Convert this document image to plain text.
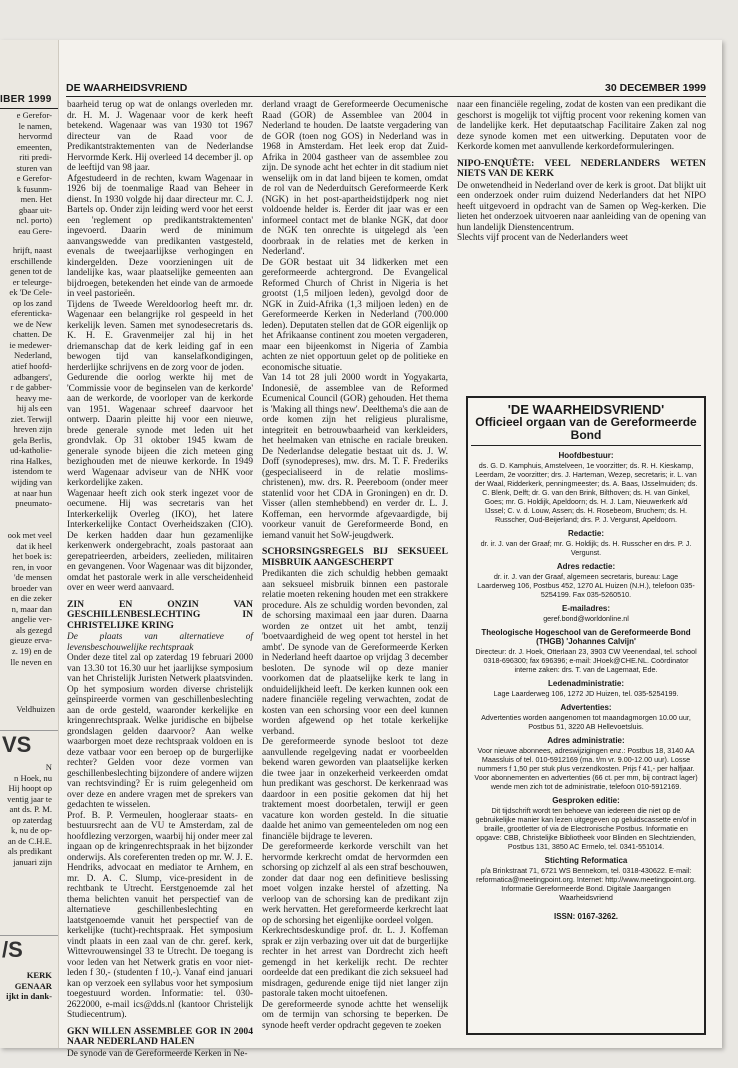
IBER 1999
e Gerefor-
le namen,
hervormd
emeenten,
riti predi-
sturen van
e Gerefor-
k fusunm-
men. Het
gbaar uit-
ncl. porto)
eau Gere-
hrijft, naast
erschillende
genen tot de
er teleurge-
ek 'De Cele-
op los zand
eferenticka-
we de New
chatten. De
ie medewer-
Nederland,
atief hoofd-
adbangers',
r de gabber-
heavy me-
hij als een
ziet. Terwijl
hreven zijn
gela Berlis,
ud-katholie-
rina Halkes,
istendom te
wijding van
at naar hun
pneumato-
ook met veel
dat ik heel
het boek is:
ren, in voor
'de mensen
broeder van
en die zeker
n, maar dan
angelie ver-
als gezegd
gieuze erva-
z. 19) en de
lle neven en
Veldhuizen
VS
N
n Hoek, nu
Hij hoopt op
ventig jaar te
ant ds. P. M.
op zaterdag
k, nu de op-
an de C.H.E.
als predikant
januari zijn
/S
KERK
GENAAR
ijkt in dank-
DE WAARHEIDSVRIEND	30 DECEMBER 1999

baarheid terug op wat de onlangs overleden mr. dr. H. M. J. Wagenaar voor de kerk heeft betekend. Wagenaar was van 1930 tot 1967 directeur van de Raad voor de Predikantstraktementen van de Nederlandse Hervormde Kerk. Hij overleed 14 december jl. op de leeftijd van 98 jaar.

Afgestudeerd in de rechten, kwam Wagenaar in 1926 bij de toenmalige Raad van Beheer in dienst. In 1930 volgde hij daar directeur mr. C. J. Bartels op. Onder zijn leiding werd voor het eerst een 'reglement op predikantstraktementen' ingevoerd. Daarin werd de minimum aanvangswedde van predikanten vastgesteld, evenals de tweejaarlijkse verhogingen en kindergelden. Deze voorzieningen uit de landelijke kas, waar plaatselijke gemeenten aan bijdroegen, betekenden het einde van de armoede in veel pastorieën.

Tijdens de Tweede Wereldoorlog heeft mr. dr. Wagenaar een belangrijke rol gespeeld in het kerkelijk leven. Samen met synodesecretaris ds. K. H. E. Gravenmeijer zal hij in het driemanschap dat de kerk leiding gaf in een bewogen tijd van kanselafkondigingen, herderlijke schrijvens en de zorg voor de joden.

Gedurende die oorlog werkte hij met de 'Commissie voor de beginselen van de kerkorde' aan de werkorde, de voorloper van de kerkorde van 1951. Wagenaar schreef daarvoor het ontwerp. Daarin pleitte hij voor een nieuwe, brede generale synode met leden uit het grondvlak. Op 31 oktober 1945 kwam de generale synode bijeen die zich meteen ging bezighouden met de nieuwe kerkorde. In 1949 werd Wagenaar adviseur van de NHK voor kerkordelijke zaken.

Wagenaar heeft zich ook sterk ingezet voor de oecumene. Hij was secretaris van het Interkerkelijk Overleg (IKO), het latere Interkerkelijke Contact Overheidszaken (CIO). De kerken hadden daar hun gezamenlijke kerkenwerk ondergebracht, zoals pastoraat aan gerepatrieerden, arbeiders, zeelieden, militairen en gevangenen. Voor Wagenaar was dit bijzonder, omdat het pastorale werk in alle verscheidenheid over en weer werd aanvaard.

ZIN EN ONZIN VAN GESCHILLENBESLECHTING IN CHRISTELIJKE KRING

De plaats van alternatieve of levensbeschouwelijke rechtspraak

Onder deze titel zal op zaterdag 19 februari 2000 van 13.30 tot 16.30 uur het jaarlijkse symposium van het Christelijk Juristen Netwerk plaatsvinden. Op het symposium worden diverse christelijk geïnspireerde vormen van geschillenbeslechting aan de orde gesteld, waaronder kerkelijke en kringenrechtspraak. Welke juridische en bijbelse grondslagen gelden daarvoor? Aan welke waarborgen moet deze rechtspraak voldoen en is deze vatbaar voor een beroep op de burgerlijke rechter? Gelden voor deze vormen van geschillenbeslechting bijzondere of andere wijzen van rechtsvinding? Er is ruim gelegenheid om over deze en andere vragen met de sprekers van gedachten te wisselen.

Prof. B. P. Vermeulen, hoogleraar staats- en bestuursrecht aan de VU te Amsterdam, zal de hoofdlezing verzorgen, waarbij hij onder meer zal ingaan op de kringenrechtspraak in het bijzonder onderwijs. Als coreferenten treden op mr. W. J. E. Hendriks, advocaat en mediator te Arnhem, en mr. D. A. C. Slump, vice-president in de rechtbank te Utrecht. Eerstgenoemde zal het thema belichten vanuit het perspectief van de alternatieve geschillenbeslechting en laatstgenoemde vanuit het perspectief van de kerkelijke (tucht)-rechtspraak. Het symposium vindt plaats in een zaal van de chr. geref. kerk, Wittevrouwensingel 33 te Utrecht. De toegang is voor leden van het Netwerk gratis en voor niet-leden f 30,- (studenten f 10,-). Vanaf eind januari kan op verzoek een syllabus voor het symposium toegestuurd worden. Informatie: tel. 030-2622000, e-mail ics@dds.nl (kantoor Christelijk Studiecentrum).

GKN WILLEN ASSEMBLEE GOR IN 2004 NAAR NEDERLAND HALEN

De synode van de Gereformeerde Kerken in Ne-

derland vraagt de Gereformeerde Oecumenische Raad (GOR) de Assemblee van 2004 in Nederland te houden. De laatste vergadering van de GOR (toen nog GOS) in Nederland was in 1968 in Amsterdam. Het leek erop dat Zuid-Afrika in 2004 gastheer van de assemblee zou zijn. De synode acht het echter in dit stadium niet wenselijk om in dat land bijeen te komen, omdat de rol van de Nederduitsch Gereformeerde Kerk (NGK) in het post-apartheidstijdperk nog niet voldoende helder is. Eerder dit jaar was er een informeel contact met de blanke NGK, dat door de NGK ten onrechte is uitgelegd als 'een doorbraak in de relaties met de kerken in Nederland'.

De GOR bestaat uit 34 lidkerken met een gereformeerde achtergrond. De Evangelical Reformed Church of Christ in Nigeria is het grootst (1,5 miljoen leden), gevolgd door de NGK in Zuid-Afrika (1,3 miljoen leden) en de Gereformeerde Kerken in Nederland (700.000 leden). Deputaten stellen dat de GOR eigenlijk op het Afrikaanse continent zou moeten vergaderen, maar een bijeenkomst in Nigeria of Zambia achten ze niet opportuun gelet op de politieke en economische situatie.

Van 14 tot 28 juli 2000 wordt in Yogyakarta, Indonesië, de assemblee van de Reformed Ecumenical Council (GOR) gehouden. Het thema is 'Making all things new'. Deelthema's die aan de orde komen zijn het religieus pluralisme, integriteit en betrouwbaarheid van kerkleiders, het heelmaken van etnische en raciale breuken. De Nederlandse delegatie bestaat uit ds. J. W. Doff (synodepreses), mw. drs. M. T. F. Frederiks (gespecialiseerd in de relatie moslims-christenen), mw. drs. R. Peereboom (onder meer statenlid voor het CDA in Groningen) en dr. D. Visser (allen stemhebbend) en verder dr. L. J. Koffeman, een hervormde afgevaardigde, bij voorkeur vanuit de Gereformeerde Bond, en iemand vanuit het SoW-jeugdwerk.

SCHORSINGSREGELS BIJ SEKSUEEL MISBRUIK AANGESCHERPT

Predikanten die zich schuldig hebben gemaakt aan seksueel misbruik binnen een pastorale relatie moeten rekening houden met een strakkere procedure. Als ze schuldig worden bevonden, zal de schorsing maximaal een jaar duren. Daarna worden ze ontzet uit het ambt, tenzij 'boetvaardigheid de weg opent tot herstel in het ambt'. De synode van de Gereformeerde Kerken in Nederland heeft daartoe op vrijdag 3 december besloten. De synode wil op deze manier voorkomen dat de plaatselijke kerk te lang in onduidelijkheid leeft. De kerken kunnen ook een nadere financiële regeling verwachten, zodat de kosten van een schorsing voor een deel kunnen worden afgewend op het totale kerkelijke verband.

De gereformeerde synode besloot tot deze aanvullende regelgeving nadat er voorbeelden bekend waren geworden van plaatselijke kerken die twee jaar in onzekerheid verkeerden omdat hun predikant was geschorst. De kerkenraad was daardoor in een positie gekomen dat hij het traktement moest doorbetalen, terwijl er geen vacature kon worden gesteld. In die situatie daalde het animo van gemeenteleden om nog een financiële bijdrage te leveren.

De gereformeerde kerkorde verschilt van het hervormde kerkrecht omdat de hervormden een schorsing op zichzelf al als een straf beschouwen, zonder dat daar nog een definitieve beslissing moet volgen inzake herstel of afzetting. Na verloop van de schorsing kan de predikant zijn werk hervatten. Het gereformeerde kerkrecht laat op de schorsing het eigenlijke oordeel volgen.

Kerkrechtsdeskundige prof. dr. L. J. Koffeman sprak er zijn verbazing over uit dat de burgerlijke rechter in het arrest van Dordrecht zich heeft gemengd in het kerkelijk recht. De rechter oordeelde dat een predikant die zich seksueel had misdragen, gedurende enige tijd niet langer zijn pastorale taken mocht uitoefenen.

De gereformeerde synode achtte het wenselijk om de termijn van schorsing te beperken. De synode heeft verder opdracht gegeven te zoeken

naar een financiële regeling, zodat de kosten van een predikant die geschorst is mogelijk tot vijftig procent voor rekening komen van de landelijke kerk. Het deputaatschap Facilitaire Zaken zal nog deze synode komen met een uitwerking. Deputaten voor de Kerkorde komen met aanvullende kerkordeformuleringen.

NIPO-ENQUÊTE: VEEL NEDERLANDERS WETEN NIETS VAN DE KERK

De onwetendheid in Nederland over de kerk is groot. Dat blijkt uit een onderzoek onder ruim duizend Nederlanders dat het NIPO heeft uitgevoerd in opdracht van de Samen op Weg-kerken. Die lieten het onderzoek uitvoeren naar aanleiding van de opening van hun landelijk Dienstencentrum.

Slechts vijf procent van de Nederlanders weet

'DE WAARHEIDSVRIEND'
Officieel orgaan van de Gereformeerde Bond
Hoofdbestuur:
ds. G. D. Kamphuis, Amstelveen, 1e voorzitter; ds. R. H. Kieskamp, Leerdam, 2e voorzitter; drs. J. Harteman, Wezep, secretaris; ir. L. van der Waal, Ridderkerk, penningmeester; ds. A. Baas, IJsselmuiden; ds. C. Blenk, Delft; dr. G. van den Brink, Bilthoven; ds. H. van Ginkel, Goes; mr. G. Holdijk, Apeldoorn; ds. H. J. Lam, Nieuwerkerk a/d IJssel; C. v. d. Louw, Assen; ds. H. Rosebeom, Bruchem; ds. H. Russcher, Oud-Beijerland; drs. P. J. Vergunst, Apeldoorn.
Redactie:
dr. ir. J. van der Graaf; mr. G. Holdijk; ds. H. Russcher en drs. P. J. Vergunst.
Adres redactie:
dr. ir. J. van der Graaf, algemeen secretaris, bureau: Lage Laarderweg 106, Postbus 452, 1270 AL Huizen (N.H.), telefoon 035-5254199. Fax 035-5260510.
E-mailadres:
geref.bond@worldonline.nl
Theologische Hogeschool van de Gereformeerde Bond (THGB) 'Johannes Calvijn'
Directeur: dr. J. Hoek, Otterlaan 23, 3903 CW Veenendaal, tel. school 0318-696300; fax 696396; e-mail: JHoek@CHE.NL. Coördinator interne zaken: drs. T. van de Lagemaat, Ede.
Ledenadministratie:
Lage Laarderweg 106, 1272 JD Huizen, tel. 035-5254199.
Advertenties:
Advertenties worden aangenomen tot maandagmorgen 10.00 uur, Postbus 51, 3220 AB Hellevoetsluis.
Adres administratie:
Voor nieuwe abonnees, adreswijzigingen enz.: Postbus 18, 3140 AA Maassluis of tel. 010-5912169 (ma. t/m vr. 9.00-12.00 uur). Losse nummers f 1,50 per stuk plus verzendkosten. Prijs f 41,- per halfjaar. Voor abonnementen en advertenties (66 ct. per mm, bij contract lager) wende men zich tot de administratie, telefoon 010-5912169.
Gesproken editie:
Dit tijdschrift wordt ten behoeve van iedereen die niet op de gebruikelijke manier kan lezen uitgegeven op geluidscassette en/of in braille, grootletter of via de Electronische Postbus. Informatie en opgave: CBB, Christelijke Bibliotheek voor Blinden en Slechtzienden, Postbus 131, 3850 AC Ermelo, tel. 0341-551014.
Stichting Reformatica
p/a Brinkstraat 71, 6721 WS Bennekom, tel. 0318-430622. E-mail: reformatica@meetingpoint.org. Internet: http://www.meetingpoint.org. Informatie Gereformeerde Bond. Digitale Jaargangen Waarheidsvriend
ISSN: 0167-3262.
